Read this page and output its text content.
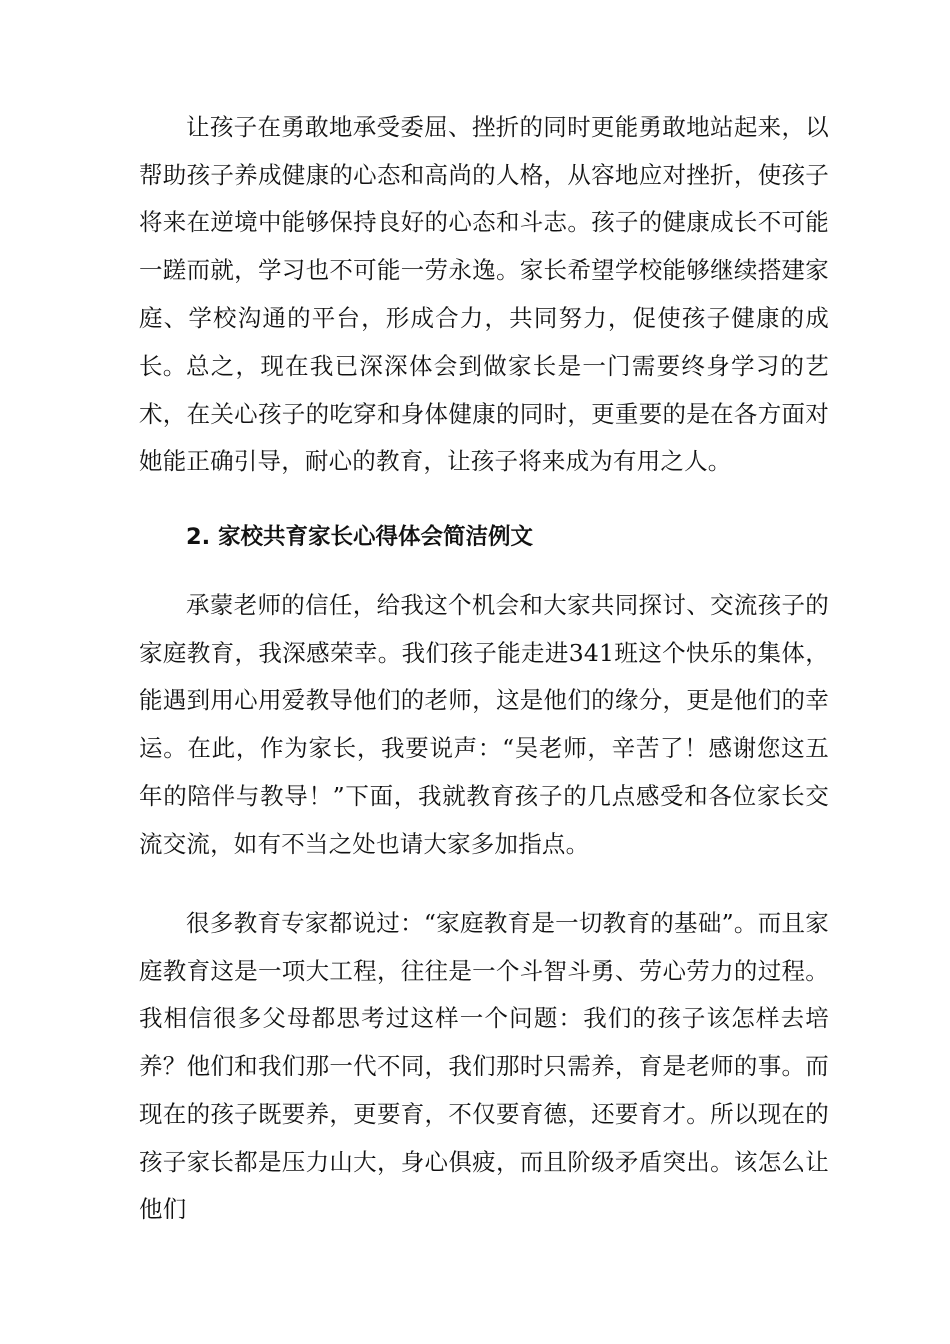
让孩子在勇敢地承受委屈、挫折的同时更能勇敢地站起来，以帮助孩子养成健康的心态和高尚的人格，从容地应对挫折，使孩子将来在逆境中能够保持良好的心态和斗志。孩子的健康成长不可能一蹉而就，学习也不可能一劳永逸。家长希望学校能够继续搭建家庭、学校沟通的平台，形成合力，共同努力，促使孩子健康的成长。 总之，现在我已深深体会到做家长是一门需要终身学习的艺术，在关心孩子的吃穿和身体健康的同时，更重要的是在各方面对她能正确引导，耐心的教育，让孩子将来成为有用之人。

2. 家校共育家长心得体会简洁例文

承蒙老师的信任，给我这个机会和大家共同探讨、交流孩子的家庭教育，我深感荣幸。我们孩子能走进341班这个快乐的集体，能遇到用心用爱教导他们的老师，这是他们的缘分，更是他们的幸运。在此，作为家长，我要说声：“吴老师，辛苦了！感谢您这五年的陪伴与教导！”下面，我就教育孩子的几点感受和各位家长交流交流，如有不当之处也请大家多加指点。

很多教育专家都说过：“家庭教育是一切教育的基础”。而且家庭教育这是一项大工程，往往是一个斗智斗勇、劳心劳力的过程。我相信很多父母都思考过这样一个问题：我们的孩子该怎样去培养？他们和我们那一代不同，我们那时只需养，育是老师的事。而现在的孩子既要养，更要育，不仅要育德，还要育才。所以现在的孩子家长都是压力山大，身心俱疲，而且阶级矛盾突出。该怎么让他们
